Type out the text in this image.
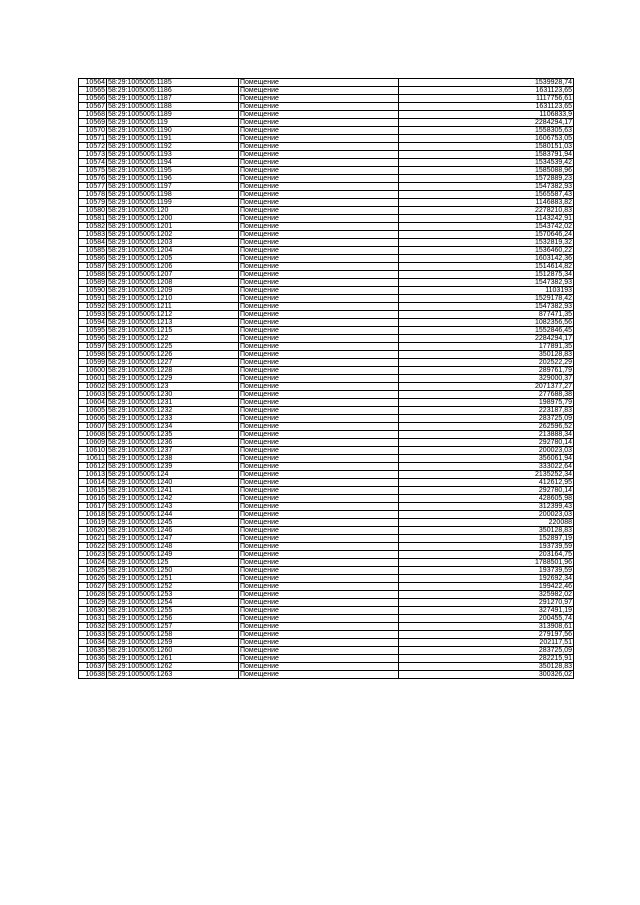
10564	58:29:1005005:1185	Помещение	1539928,74
10565	58:29:1005005:1186	Помещение	1631123,65
10566	58:29:1005005:1187	Помещение	1117756,61
10567	58:29:1005005:1188	Помещение	1631123,65
10568	58:29:1005005:1189	Помещение	1106833,9
10569	58:29:1005005:119	Помещение	2284294,17
10570	58:29:1005005:1190	Помещение	1558305,63
10571	58:29:1005005:1191	Помещение	1606753,05
10572	58:29:1005005:1192	Помещение	1580151,03
10573	58:29:1005005:1193	Помещение	1583791,94
10574	58:29:1005005:1194	Помещение	1534539,42
10575	58:29:1005005:1195	Помещение	1585088,96
10576	58:29:1005005:1196	Помещение	1572889,23
10577	58:29:1005005:1197	Помещение	1547382,93
10578	58:29:1005005:1198	Помещение	1565587,43
10579	58:29:1005005:1199	Помещение	1146883,82
10580	58:29:1005005:120	Помещение	2278210,83
10581	58:29:1005005:1200	Помещение	1143242,91
10582	58:29:1005005:1201	Помещение	1543742,02
10583	58:29:1005005:1202	Помещение	1570646,24
10584	58:29:1005005:1203	Помещение	1532819,32
10585	58:29:1005005:1204	Помещение	1536460,22
10586	58:29:1005005:1205	Помещение	1603142,36
10587	58:29:1005005:1206	Помещение	1514614,82
10588	58:29:1005005:1207	Помещение	1512875,34
10589	58:29:1005005:1208	Помещение	1547382,93
10590	58:29:1005005:1209	Помещение	1103193
10591	58:29:1005005:1210	Помещение	1529178,42
10592	58:29:1005005:1211	Помещение	1547382,93
10593	58:29:1005005:1212	Помещение	877471,35
10594	58:29:1005005:1213	Помещение	1082356,56
10595	58:29:1005005:1215	Помещение	1552846,45
10596	58:29:1005005:122	Помещение	2284294,17
10597	58:29:1005005:1225	Помещение	177891,35
10598	58:29:1005005:1226	Помещение	350128,83
10599	58:29:1005005:1227	Помещение	202522,29
10600	58:29:1005005:1228	Помещение	289761,79
10601	58:29:1005005:1229	Помещение	329000,37
10602	58:29:1005005:123	Помещение	2071377,27
10603	58:29:1005005:1230	Помещение	277688,38
10604	58:29:1005005:1231	Помещение	198975,79
10605	58:29:1005005:1232	Помещение	223187,83
10606	58:29:1005005:1233	Помещение	283725,09
10607	58:29:1005005:1234	Помещение	262596,52
10608	58:29:1005005:1235	Помещение	213888,34
10609	58:29:1005005:1236	Помещение	292780,14
10610	58:29:1005005:1237	Помещение	200023,03
10611	58:29:1005005:1238	Помещение	356061,94
10612	58:29:1005005:1239	Помещение	333022,64
10613	58:29:1005005:124	Помещение	2135252,34
10614	58:29:1005005:1240	Помещение	412612,95
10615	58:29:1005005:1241	Помещение	292780,14
10616	58:29:1005005:1242	Помещение	428605,98
10617	58:29:1005005:1243	Помещение	312399,43
10618	58:29:1005005:1244	Помещение	200023,03
10619	58:29:1005005:1245	Помещение	220088
10620	58:29:1005005:1246	Помещение	350128,83
10621	58:29:1005005:1247	Помещение	152897,19
10622	58:29:1005005:1248	Помещение	193739,59
10623	58:29:1005005:1249	Помещение	203164,75
10624	58:29:1005005:125	Помещение	1788501,96
10625	58:29:1005005:1250	Помещение	193739,59
10626	58:29:1005005:1251	Помещение	192692,34
10627	58:29:1005005:1252	Помещение	199422,46
10628	58:29:1005005:1253	Помещение	325982,02
10629	58:29:1005005:1254	Помещение	291270,97
10630	58:29:1005005:1255	Помещение	327491,19
10631	58:29:1005005:1256	Помещение	200455,74
10632	58:29:1005005:1257	Помещение	313908,61
10633	58:29:1005005:1258	Помещение	279197,56
10634	58:29:1005005:1259	Помещение	202117,51
10635	58:29:1005005:1260	Помещение	283725,09
10636	58:29:1005005:1261	Помещение	282215,91
10637	58:29:1005005:1262	Помещение	350128,83
10638	58:29:1005005:1263	Помещение	300326,02
